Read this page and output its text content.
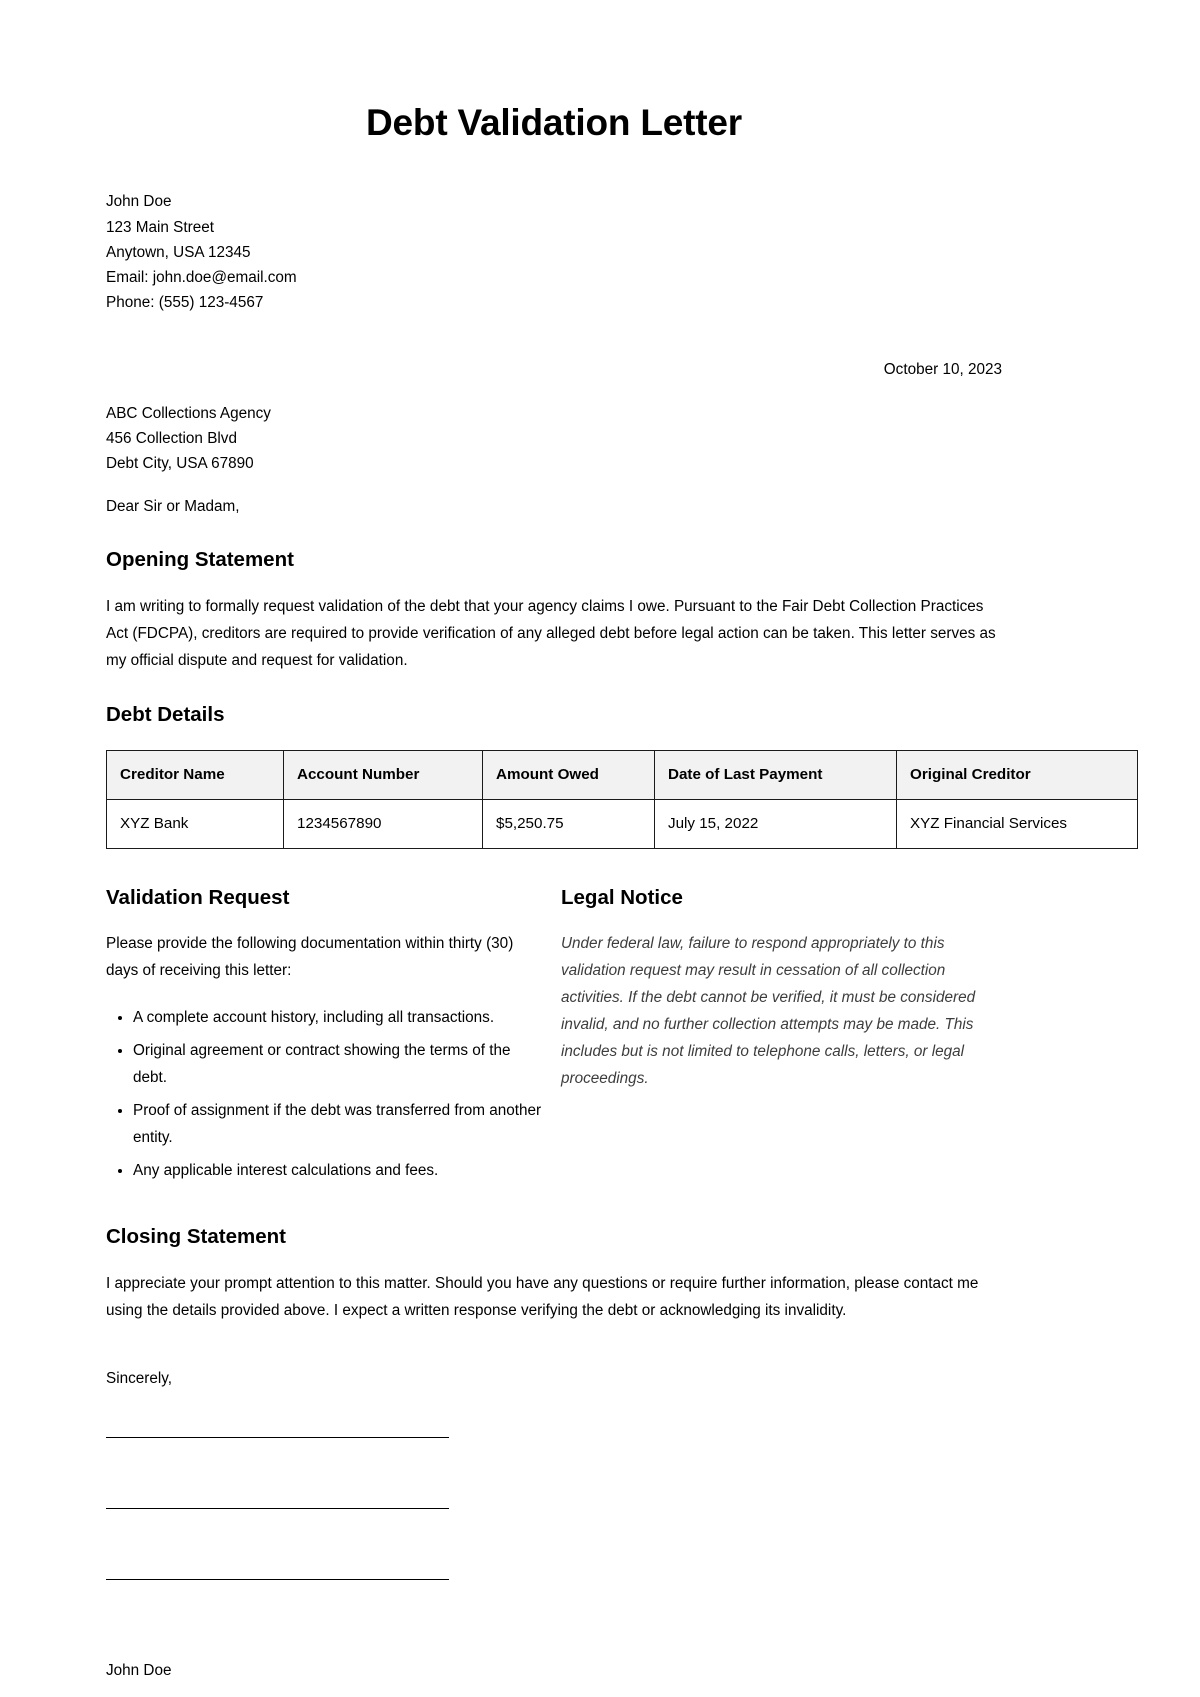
Debt Validation Letter
John Doe
123 Main Street
Anytown, USA 12345
Email: john.doe@email.com
Phone: (555) 123-4567
October 10, 2023
ABC Collections Agency
456 Collection Blvd
Debt City, USA 67890
Dear Sir or Madam,
Opening Statement

I am writing to formally request validation of the debt that your agency claims I owe. Pursuant to the Fair Debt Collection Practices Act (FDCPA), creditors are required to provide verification of any alleged debt before legal action can be taken. This letter serves as my official dispute and request for validation.

Debt Details
Creditor Name	Account Number	Amount Owed	Date of Last Payment	Original Creditor
XYZ Bank	1234567890	$5,250.75	July 15, 2022	XYZ Financial Services
Validation Request

Please provide the following documentation within thirty (30) days of receiving this letter:

• A complete account history, including all transactions.
• Original agreement or contract showing the terms of the debt.
• Proof of assignment if the debt was transferred from another entity.
• Any applicable interest calculations and fees.
Legal Notice

Under federal law, failure to respond appropriately to this validation request may result in cessation of all collection activities. If the debt cannot be verified, it must be considered invalid, and no further collection attempts may be made. This includes but is not limited to telephone calls, letters, or legal proceedings.

Closing Statement

I appreciate your prompt attention to this matter. Should you have any questions or require further information, please contact me using the details provided above. I expect a written response verifying the debt or acknowledging its invalidity.

Sincerely,

John Doe
